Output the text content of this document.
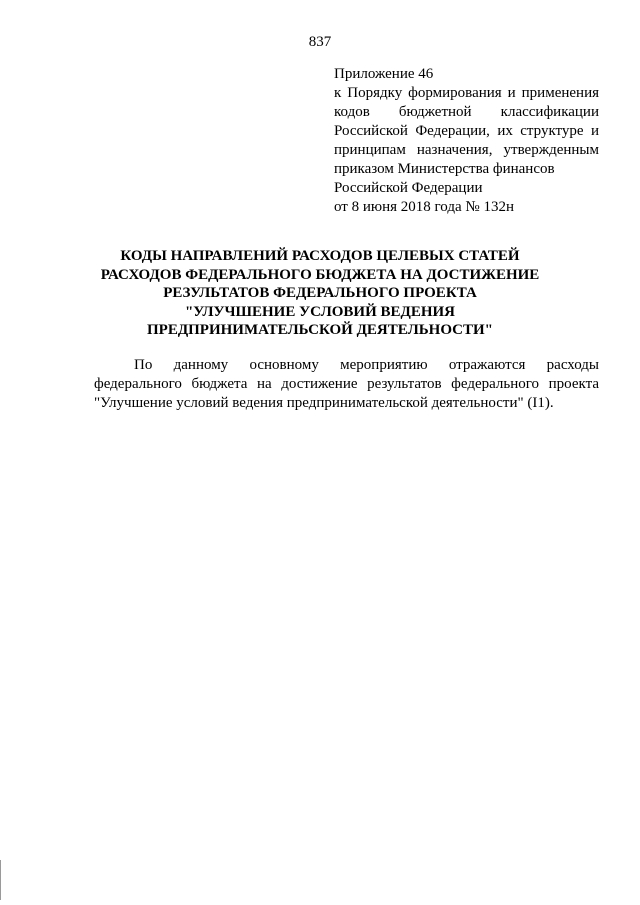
837
Приложение 46
к Порядку формирования и применения
кодов бюджетной классификации
Российской Федерации, их структуре и
принципам назначения, утвержденным
приказом Министерства финансов
Российской Федерации
от 8 июня 2018 года № 132н
КОДЫ НАПРАВЛЕНИЙ РАСХОДОВ ЦЕЛЕВЫХ СТАТЕЙ
РАСХОДОВ ФЕДЕРАЛЬНОГО БЮДЖЕТА НА ДОСТИЖЕНИЕ
РЕЗУЛЬТАТОВ ФЕДЕРАЛЬНОГО ПРОЕКТА
"УЛУЧШЕНИЕ УСЛОВИЙ ВЕДЕНИЯ
ПРЕДПРИНИМАТЕЛЬСКОЙ ДЕЯТЕЛЬНОСТИ"
По данному основному мероприятию отражаются расходы
федерального бюджета на достижение результатов федерального проекта
"Улучшение условий ведения предпринимательской деятельности" (I1).
